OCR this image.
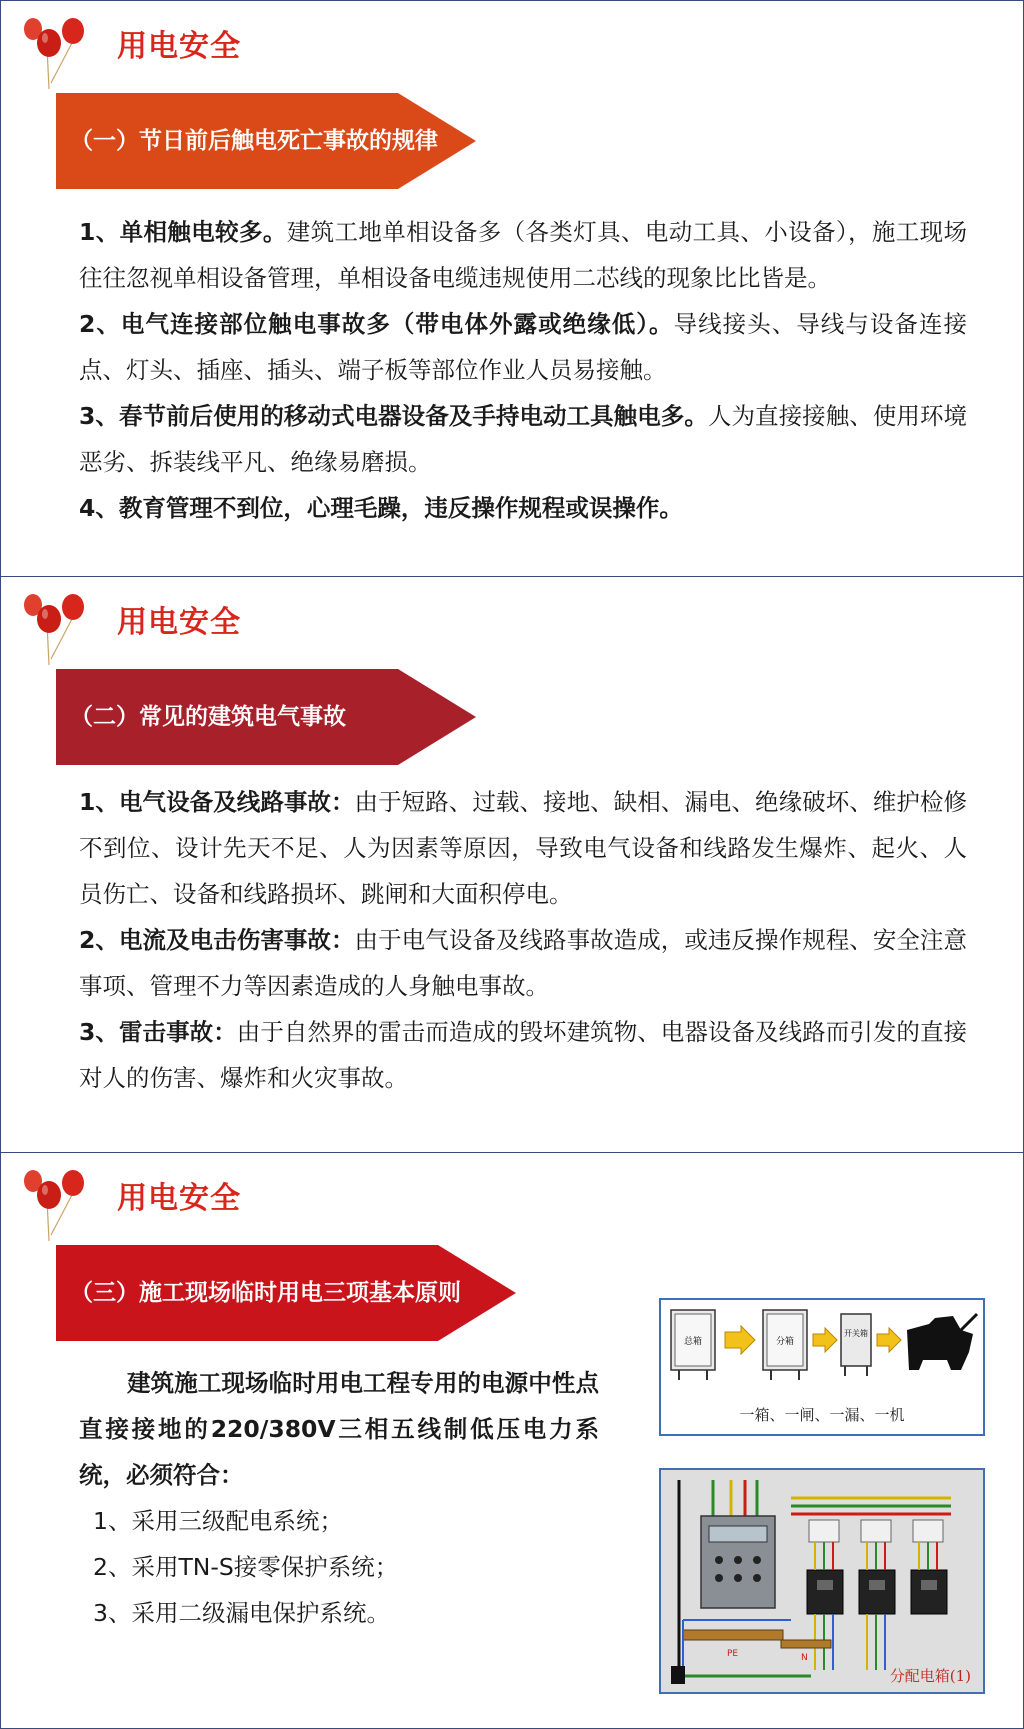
用电安全
（一）节日前后触电死亡事故的规律

1、单相触电较多。建筑工地单相设备多（各类灯具、电动工具、小设备），施工现场往往忽视单相设备管理，单相设备电缆违规使用二芯线的现象比比皆是。

2、电气连接部位触电事故多（带电体外露或绝缘低）。导线接头、导线与设备连接点、灯头、插座、插头、端子板等部位作业人员易接触。

3、春节前后使用的移动式电器设备及手持电动工具触电多。人为直接接触、使用环境恶劣、拆装线平凡、绝缘易磨损。

4、教育管理不到位，心理毛躁，违反操作规程或误操作。

用电安全
（二）常见的建筑电气事故

1、电气设备及线路事故：由于短路、过载、接地、缺相、漏电、绝缘破坏、维护检修不到位、设计先天不足、人为因素等原因，导致电气设备和线路发生爆炸、起火、人员伤亡、设备和线路损坏、跳闸和大面积停电。

2、电流及电击伤害事故：由于电气设备及线路事故造成，或违反操作规程、安全注意事项、管理不力等因素造成的人身触电事故。

3、雷击事故：由于自然界的雷击而造成的毁坏建筑物、电器设备及线路而引发的直接对人的伤害、爆炸和火灾事故。

用电安全
（三）施工现场临时用电三项基本原则

建筑施工现场临时用电工程专用的电源中性点直接接地的220/380V三相五线制低压电力系统，必须符合：

1、采用三级配电系统；

2、采用TN-S接零保护系统；

3、采用二级漏电保护系统。

总箱	分箱
开关箱
一箱、一闸、一漏、一机
PE	N
分配电箱(1)
